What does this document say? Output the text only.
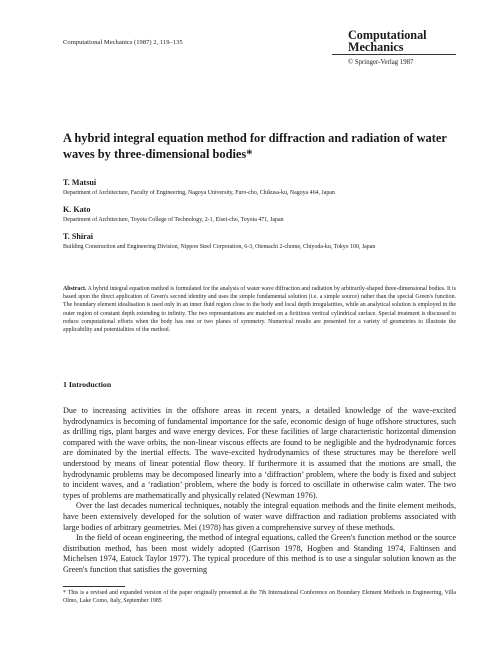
Computational Mechanics (1987) 2, 119–135
Computational
Mechanics
© Springer-Verlag 1987
A hybrid integral equation method for diffraction and radiation of water waves by three-dimensional bodies*
T. Matsui
Department of Architecture, Faculty of Engineering, Nagoya University, Furo-cho, Chikusa-ku, Nagoya 464, Japan
K. Kato
Department of Architecture, Toyota College of Technology, 2-1, Eisei-cho, Toyota 471, Japan
T. Shirai
Building Construction and Engineering Division, Nippon Steel Corporation, 6-3, Otemachi 2-chome, Chiyoda-ku, Tokyo 100, Japan
Abstract. A hybrid integral equation method is formulated for the analysis of water wave diffraction and radiation by arbitrarily-shaped three-dimensional bodies. It is based upon the direct application of Green's second identity and uses the simple fundamental solution (i.e. a simple source) rather than the special Green's function. The boundary element idealisation is used only in an inner fluid region close to the body and local depth irregularities, while an analytical solution is employed in the outer region of constant depth extending to infinity. The two representations are matched on a fictitious vertical cylindrical surface. Special treatment is discussed to reduce computational efforts when the body has one or two planes of symmetry. Numerical results are presented for a variety of geometries to illustrate the applicability and potentialities of the method.
1 Introduction

Due to increasing activities in the offshore areas in recent years, a detailed knowledge of the wave-excited hydrodynamics is becoming of fundamental importance for the safe, economic design of huge offshore structures, such as drilling rigs, plant barges and wave energy devices. For these facilities of large characteristic horizontal dimension compared with the wave orbits, the non-linear viscous effects are found to be negligible and the hydrodynamic forces are dominated by the inertial effects. The wave-excited hydrodynamics of these structures may be therefore well understood by means of linear potential flow theory. If furthermore it is assumed that the motions are small, the hydrodynamic problems may be decomposed linearly into a ‘diffraction’ problem, where the body is fixed and subject to incident waves, and a ‘radiation’ problem, where the body is forced to oscillate in otherwise calm water. The two types of problems are mathematically and physically related (Newman 1976).

Over the last decades numerical techniques, notably the integral equation methods and the finite element methods, have been extensively developed for the solution of water wave diffraction and radiation problems associated with large bodies of arbitrary geometries. Mei (1978) has given a comprehensive survey of these methods.

In the field of ocean engineering, the method of integral equations, called the Green's function method or the source distribution method, has been most widely adopted (Garrison 1978, Hogben and Standing 1974, Faltinsen and Michelsen 1974, Eatock Taylor 1977). The typical procedure of this method is to use a singular solution known as the Green's function that satisfies the governing

* This is a revised and expanded version of the paper originally presented at the 7th International Conference on Boundary Element Methods in Engineering, Villa Olmo, Lake Como, Italy, September 1985
